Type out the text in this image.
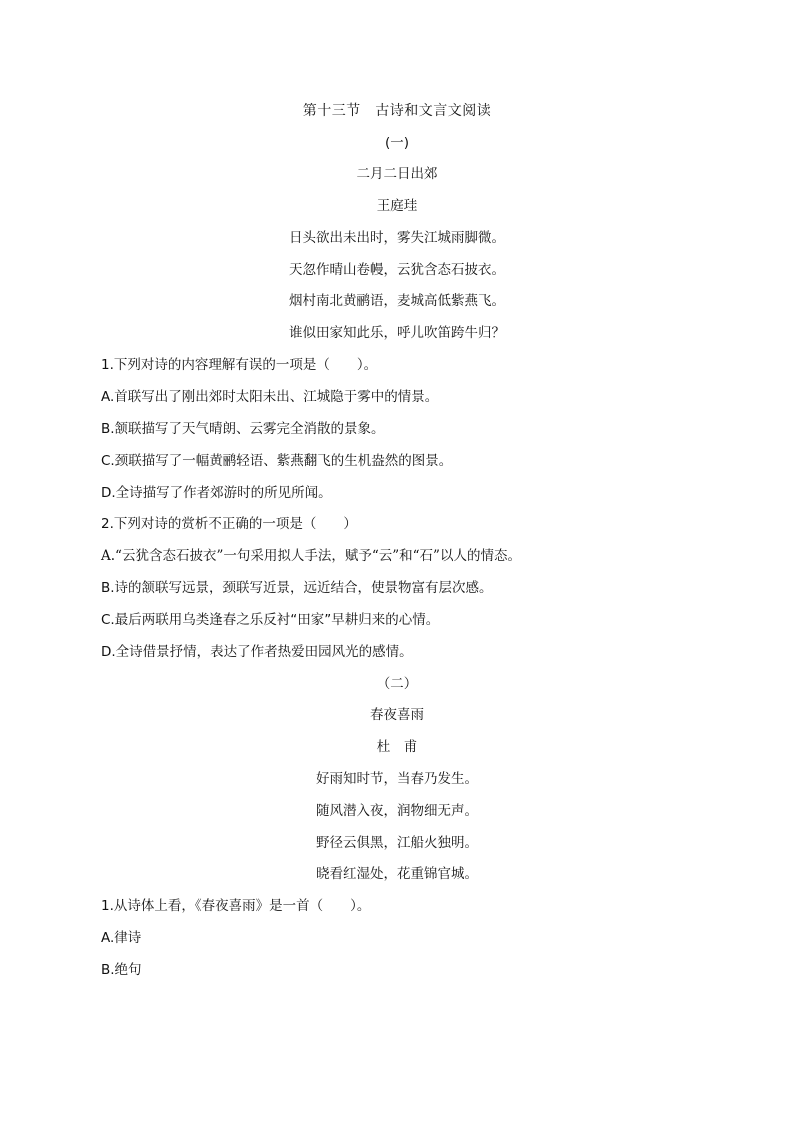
第十三节　古诗和文言文阅读
(一)
二月二日出郊
王庭珪
日头欲出未出时，雾失江城雨脚微。
天忽作晴山卷幔，云犹含态石披衣。
烟村南北黄鹂语，麦城高低紫燕飞。
谁似田家知此乐，呼儿吹笛跨牛归？
1.下列对诗的内容理解有误的一项是（　　）。
A.首联写出了刚出郊时太阳未出、江城隐于雾中的情景。
B.颔联描写了天气晴朗、云雾完全消散的景象。
C.颈联描写了一幅黄鹂轻语、紫燕翻飞的生机盎然的图景。
D.全诗描写了作者郊游时的所见所闻。
2.下列对诗的赏析不正确的一项是（　　）
A.“云犹含态石披衣”一句采用拟人手法，赋予“云”和“石”以人的情态。
B.诗的颔联写远景，颈联写近景，远近结合，使景物富有层次感。
C.最后两联用乌类逢春之乐反衬“田家”早耕归来的心情。
D.全诗借景抒情，表达了作者热爱田园风光的感情。
（二）
春夜喜雨
杜　甫
好雨知时节，当春乃发生。
随风潜入夜，润物细无声。
野径云俱黑，江船火独明。
晓看红湿处，花重锦官城。
1.从诗体上看，《春夜喜雨》是一首（　　）。
A.律诗
B.绝句
